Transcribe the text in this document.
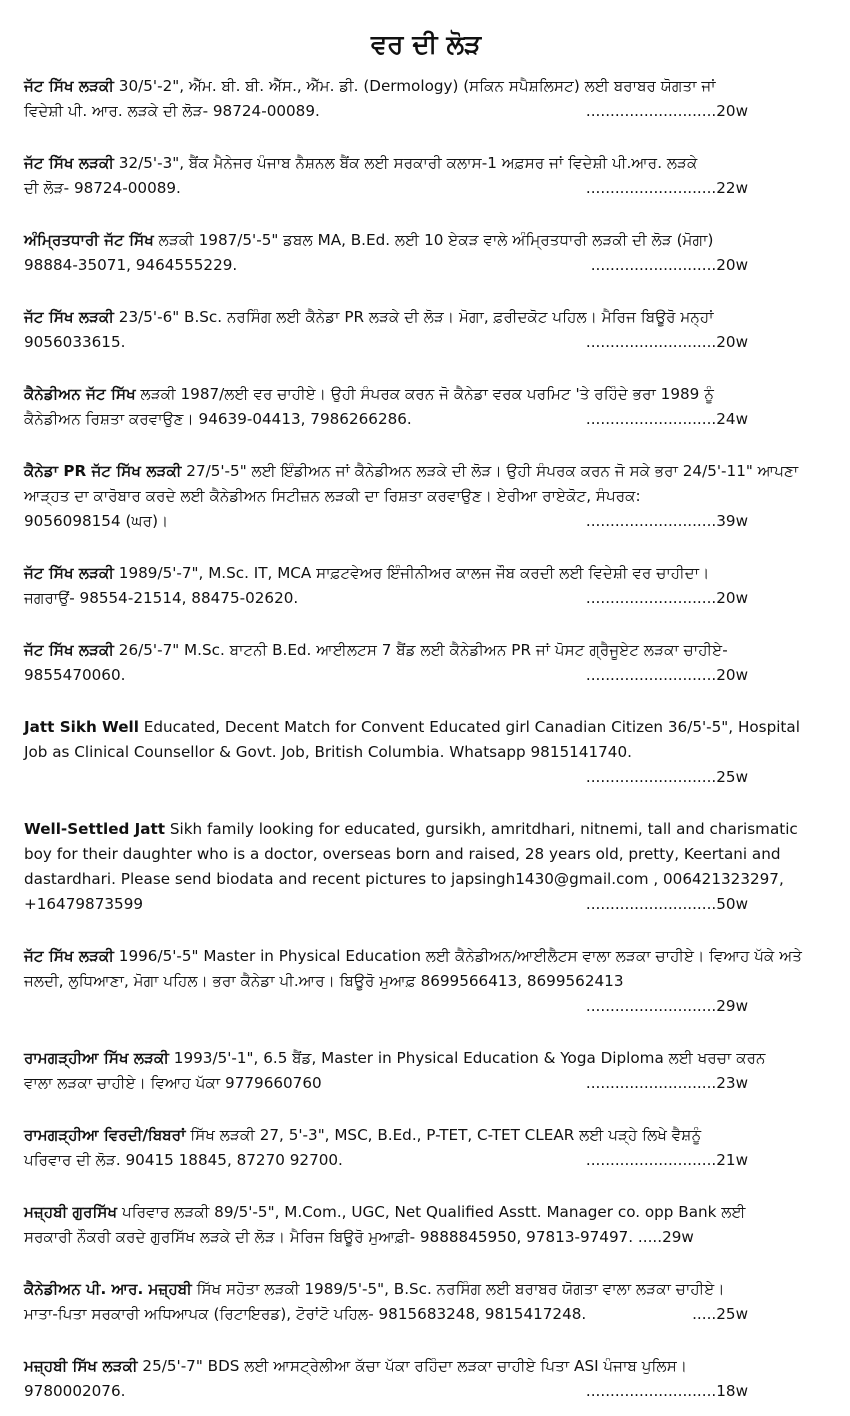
ਵਰ ਦੀ ਲੋੜ
ਜੱਟ ਸਿੱਖ ਲੜਕੀ 30/5'-2", ਐੱਮ. ਬੀ. ਬੀ. ਐੱਸ., ਐੱਮ. ਡੀ. (Dermology) (ਸਕਿਨ ਸਪੈਸ਼ਲਿਸਟ) ਲਈ ਬਰਾਬਰ ਯੋਗਤਾ ਜਾਂ
ਵਿਦੇਸ਼ੀ ਪੀ. ਆਰ. ਲੜਕੇ ਦੀ ਲੋੜ- 98724-00089.	...........................20w
ਜੱਟ ਸਿੱਖ ਲੜਕੀ 32/5'-3", ਬੈਂਕ ਮੈਨੇਜਰ ਪੰਜਾਬ ਨੈਸ਼ਨਲ ਬੈਂਕ ਲਈ ਸਰਕਾਰੀ ਕਲਾਸ-1 ਅਫ਼ਸਰ ਜਾਂ ਵਿਦੇਸ਼ੀ ਪੀ.ਆਰ. ਲੜਕੇ
ਦੀ ਲੋੜ- 98724-00089.	...........................22w
ਅੰਮ੍ਰਿਤਧਾਰੀ ਜੱਟ ਸਿੱਖ ਲੜਕੀ 1987/5'-5" ਡਬਲ MA, B.Ed. ਲਈ 10 ਏਕੜ ਵਾਲੇ ਅੰਮ੍ਰਿਤਧਾਰੀ ਲੜਕੀ ਦੀ ਲੋੜ (ਮੋਗਾ)
98884-35071, 9464555229.	..........................20w
ਜੱਟ ਸਿੱਖ ਲੜਕੀ 23/5'-6" B.Sc. ਨਰਸਿੰਗ ਲਈ ਕੈਨੇਡਾ PR ਲੜਕੇ ਦੀ ਲੋੜ। ਮੋਗਾ, ਫ਼ਰੀਦਕੋਟ ਪਹਿਲ। ਮੈਰਿਜ ਬਿਊਰੋ ਮਨ੍ਹਾਂ
9056033615.	...........................20w
ਕੈਨੇਡੀਅਨ ਜੱਟ ਸਿੱਖ ਲੜਕੀ 1987/ਲਈ ਵਰ ਚਾਹੀਏ। ਉਹੀ ਸੰਪਰਕ ਕਰਨ ਜੋ ਕੈਨੇਡਾ ਵਰਕ ਪਰਮਿਟ 'ਤੇ ਰਹਿੰਦੇ ਭਰਾ 1989 ਨੂੰ
ਕੈਨੇਡੀਅਨ ਰਿਸ਼ਤਾ ਕਰਵਾਉਣ। 94639-04413, 7986266286.	...........................24w
ਕੈਨੇਡਾ PR ਜੱਟ ਸਿੱਖ ਲੜਕੀ 27/5'-5" ਲਈ ਇੰਡੀਅਨ ਜਾਂ ਕੈਨੇਡੀਅਨ ਲੜਕੇ ਦੀ ਲੋੜ। ਉਹੀ ਸੰਪਰਕ ਕਰਨ ਜੋ ਸਕੇ ਭਰਾ 24/5'-11" ਆਪਣਾ ਆੜ੍ਹਤ ਦਾ ਕਾਰੋਬਾਰ ਕਰਦੇ ਲਈ ਕੈਨੇਡੀਅਨ ਸਿਟੀਜ਼ਨ ਲੜਕੀ ਦਾ ਰਿਸ਼ਤਾ ਕਰਵਾਉਣ। ਏਰੀਆ ਰਾਏਕੋਟ, ਸੰਪਰਕ:
9056098154 (ਘਰ)।	...........................39w
ਜੱਟ ਸਿੱਖ ਲੜਕੀ 1989/5'-7", M.Sc. IT, MCA ਸਾਫ਼ਟਵੇਅਰ ਇੰਜੀਨੀਅਰ ਕਾਲਜ ਜੌਬ ਕਰਦੀ ਲਈ ਵਿਦੇਸ਼ੀ ਵਰ ਚਾਹੀਦਾ।
ਜਗਰਾਉਂ- 98554-21514, 88475-02620.	...........................20w
ਜੱਟ ਸਿੱਖ ਲੜਕੀ 26/5'-7" M.Sc. ਬਾਟਨੀ B.Ed. ਆਈਲਟਸ 7 ਬੈਂਡ ਲਈ ਕੈਨੇਡੀਅਨ PR ਜਾਂ ਪੋਸਟ ਗ੍ਰੈਜੂਏਟ ਲੜਕਾ ਚਾਹੀਏ-
9855470060.	...........................20w
Jatt Sikh Well Educated, Decent Match for Convent Educated girl Canadian Citizen 36/5'-5", Hospital Job as Clinical Counsellor & Govt. Job, British Columbia. Whatsapp 9815141740.
...........................25w
Well-Settled Jatt Sikh family looking for educated, gursikh, amritdhari, nitnemi, tall and charismatic boy for their daughter who is a doctor, overseas born and raised, 28 years old, pretty, Keertani and dastardhari. Please send biodata and recent pictures to japsingh1430@gmail.com , 006421323297,
+16479873599	...........................50w
ਜੱਟ ਸਿੱਖ ਲੜਕੀ 1996/5'-5" Master in Physical Education ਲਈ ਕੈਨੇਡੀਅਨ/ਆਈਲੈਟਸ ਵਾਲਾ ਲੜਕਾ ਚਾਹੀਏ। ਵਿਆਹ ਪੱਕੇ ਅਤੇ ਜਲਦੀ, ਲੁਧਿਆਣਾ, ਮੋਗਾ ਪਹਿਲ। ਭਰਾ ਕੈਨੇਡਾ ਪੀ.ਆਰ। ਬਿਊਰੋ ਮੁਆਫ਼ 8699566413, 8699562413
...........................29w
ਰਾਮਗੜ੍ਹੀਆ ਸਿੱਖ ਲੜਕੀ 1993/5'-1", 6.5 ਬੈਂਡ, Master in Physical Education & Yoga Diploma ਲਈ ਖਰਚਾ ਕਰਨ
ਵਾਲਾ ਲੜਕਾ ਚਾਹੀਏ। ਵਿਆਹ ਪੱਕਾ 9779660760	...........................23w
ਰਾਮਗੜ੍ਹੀਆ ਵਿਰਦੀ/ਬਿਬਰਾਂ ਸਿੱਖ ਲੜਕੀ 27, 5'-3", MSC, B.Ed., P-TET, C-TET CLEAR ਲਈ ਪੜ੍ਹੇ ਲਿਖੇ ਵੈਸ਼ਨੂੰ
ਪਰਿਵਾਰ ਦੀ ਲੋੜ. 90415 18845, 87270 92700.	...........................21w
ਮਜ਼੍ਹਬੀ ਗੁਰਸਿੱਖ ਪਰਿਵਾਰ ਲੜਕੀ 89/5'-5", M.Com., UGC, Net Qualified Asstt. Manager co. opp Bank ਲਈ
ਸਰਕਾਰੀ ਨੌਕਰੀ ਕਰਦੇ ਗੁਰਸਿੱਖ ਲੜਕੇ ਦੀ ਲੋੜ। ਮੈਰਿਜ ਬਿਊਰੋ ਮੁਆਫ਼ੀ- 9888845950, 97813-97497. .....29w
ਕੈਨੇਡੀਅਨ ਪੀ. ਆਰ. ਮਜ਼੍ਹਬੀ ਸਿੱਖ ਸਹੋਤਾ ਲੜਕੀ 1989/5'-5", B.Sc. ਨਰਸਿੰਗ ਲਈ ਬਰਾਬਰ ਯੋਗਤਾ ਵਾਲਾ ਲੜਕਾ ਚਾਹੀਏ।
ਮਾਤਾ-ਪਿਤਾ ਸਰਕਾਰੀ ਅਧਿਆਪਕ (ਰਿਟਾਇਰਡ), ਟੋਰਾਂਟੋ ਪਹਿਲ- 9815683248, 9815417248.	.....25w
ਮਜ਼੍ਹਬੀ ਸਿੱਖ ਲੜਕੀ 25/5'-7" BDS ਲਈ ਆਸਟ੍ਰੇਲੀਆ ਕੱਚਾ ਪੱਕਾ ਰਹਿੰਦਾ ਲੜਕਾ ਚਾਹੀਏ ਪਿਤਾ ASI ਪੰਜਾਬ ਪੁਲਿਸ।
9780002076.	...........................18w
